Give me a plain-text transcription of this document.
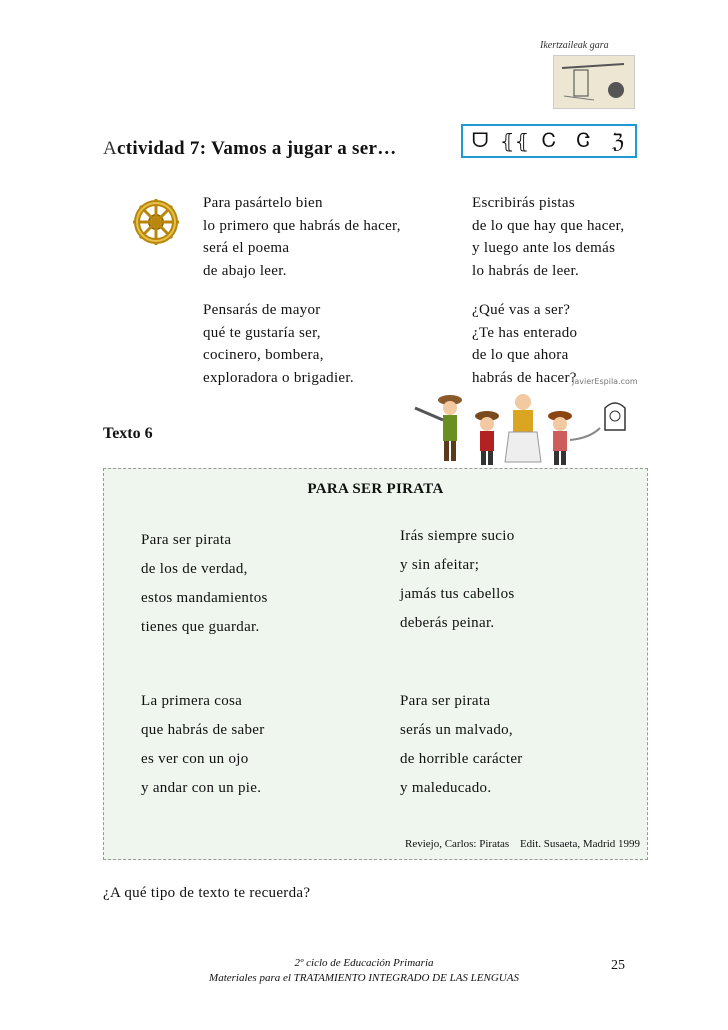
Ikertzaileak gara
Actividad 7: Vamos a jugar a ser…	ᗜ ⦃⦃ Ꮯ	Ꮳ	ℨ
Para pasártelo bien
lo primero que habrás de hacer,
será el poema
de abajo leer.
Escribirás pistas
de lo que hay que hacer,
y luego ante los demás
lo habrás de leer.
Pensarás de mayor
qué te gustaría ser,
cocinero, bombera,
exploradora o brigadier.
¿Qué vas a ser?
¿Te has enterado
de lo que ahora
habrás de hacer?
JavierEspila.com
Texto 6
PARA SER PIRATA
Para ser pirata
de los de verdad,
estos mandamientos
tienes que guardar.
Irás siempre sucio
y sin afeitar;
jamás tus cabellos
deberás peinar.
La primera cosa
que habrás de saber
es ver con un ojo
y andar con un pie.
Para ser pirata
serás un malvado,
de horrible carácter
y maleducado.
Reviejo, Carlos: Piratas Edit. Susaeta, Madrid 1999
¿A qué tipo de texto te recuerda?
2º ciclo de Educación Primaria
Materiales para el TRATAMIENTO INTEGRADO DE LAS LENGUAS
25
